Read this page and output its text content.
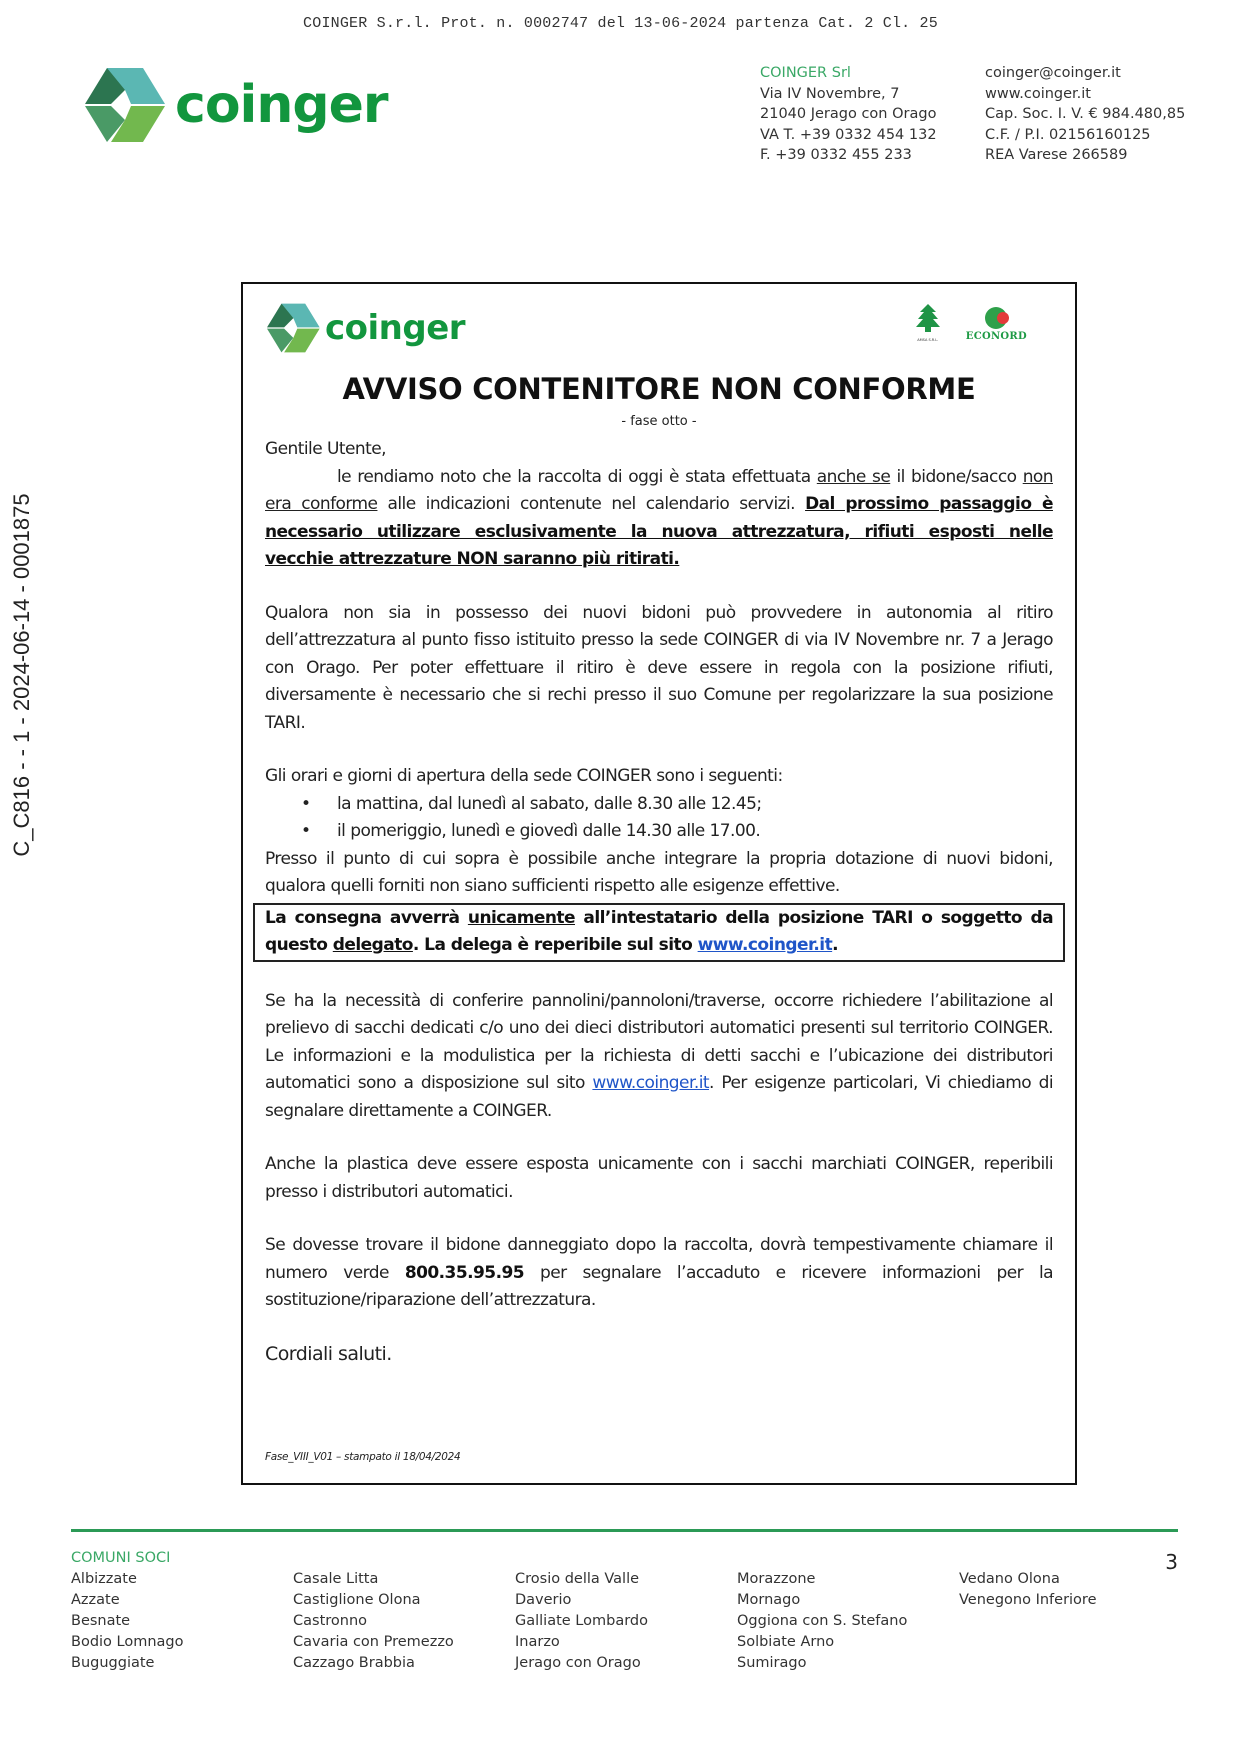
COINGER S.r.l. Prot. n. 0002747 del 13-06-2024 partenza Cat. 2 Cl. 25
C_C816 - - 1 - 2024-06-14 - 0001875
coinger
COINGER Srl
Via IV Novembre, 7
21040 Jerago con Orago
VA T. +39 0332 454 132
F. +39 0332 455 233
coinger@coinger.it
www.coinger.it
Cap. Soc. I. V. € 984.480,85
C.F. / P.I. 02156160125
REA Varese 266589
coinger	AMSA S.R.L.	ECONORD
AVVISO CONTENITORE NON CONFORME
- fase otto -

Gentile Utente,

le rendiamo noto che la raccolta di oggi è stata effettuata anche se il bidone/sacco non era conforme alle indicazioni contenute nel calendario servizi. Dal prossimo passaggio è necessario utilizzare esclusivamente la nuova attrezzatura, rifiuti esposti nelle vecchie attrezzature NON saranno più ritirati.

Qualora non sia in possesso dei nuovi bidoni può provvedere in autonomia al ritiro dell’attrezzatura al punto fisso istituito presso la sede COINGER di via IV Novembre nr. 7 a Jerago con Orago. Per poter effettuare il ritiro è deve essere in regola con la posizione rifiuti, diversamente è necessario che si rechi presso il suo Comune per regolarizzare la sua posizione TARI.

Gli orari e giorni di apertura della sede COINGER sono i seguenti:

• la mattina, dal lunedì al sabato, dalle 8.30 alle 12.45;
• il pomeriggio, lunedì e giovedì dalle 14.30 alle 17.00.

Presso il punto di cui sopra è possibile anche integrare la propria dotazione di nuovi bidoni, qualora quelli forniti non siano sufficienti rispetto alle esigenze effettive.

La consegna avverrà unicamente all’intestatario della posizione TARI o soggetto da questo delegato. La delega è reperibile sul sito www.coinger.it.

Se ha la necessità di conferire pannolini/pannoloni/traverse, occorre richiedere l’abilitazione al prelievo di sacchi dedicati c/o uno dei dieci distributori automatici presenti sul territorio COINGER. Le informazioni e la modulistica per la richiesta di detti sacchi e l’ubicazione dei distributori automatici sono a disposizione sul sito www.coinger.it. Per esigenze particolari, Vi chiediamo di segnalare direttamente a COINGER.

Anche la plastica deve essere esposta unicamente con i sacchi marchiati COINGER, reperibili presso i distributori automatici.

Se dovesse trovare il bidone danneggiato dopo la raccolta, dovrà tempestivamente chiamare il numero verde 800.35.95.95 per segnalare l’accaduto e ricevere informazioni per la sostituzione/riparazione dell’attrezzatura.

Cordiali saluti.

Fase_VIII_V01 – stampato il 18/04/2024
COMUNI SOCI
Albizzate
Azzate
Besnate
Bodio Lomnago
Buguggiate
Casale Litta
Castiglione Olona
Castronno
Cavaria con Premezzo
Cazzago Brabbia
Crosio della Valle
Daverio
Galliate Lombardo
Inarzo
Jerago con Orago
Morazzone
Mornago
Oggiona con S. Stefano
Solbiate Arno
Sumirago
Vedano Olona
Venegono Inferiore
3
